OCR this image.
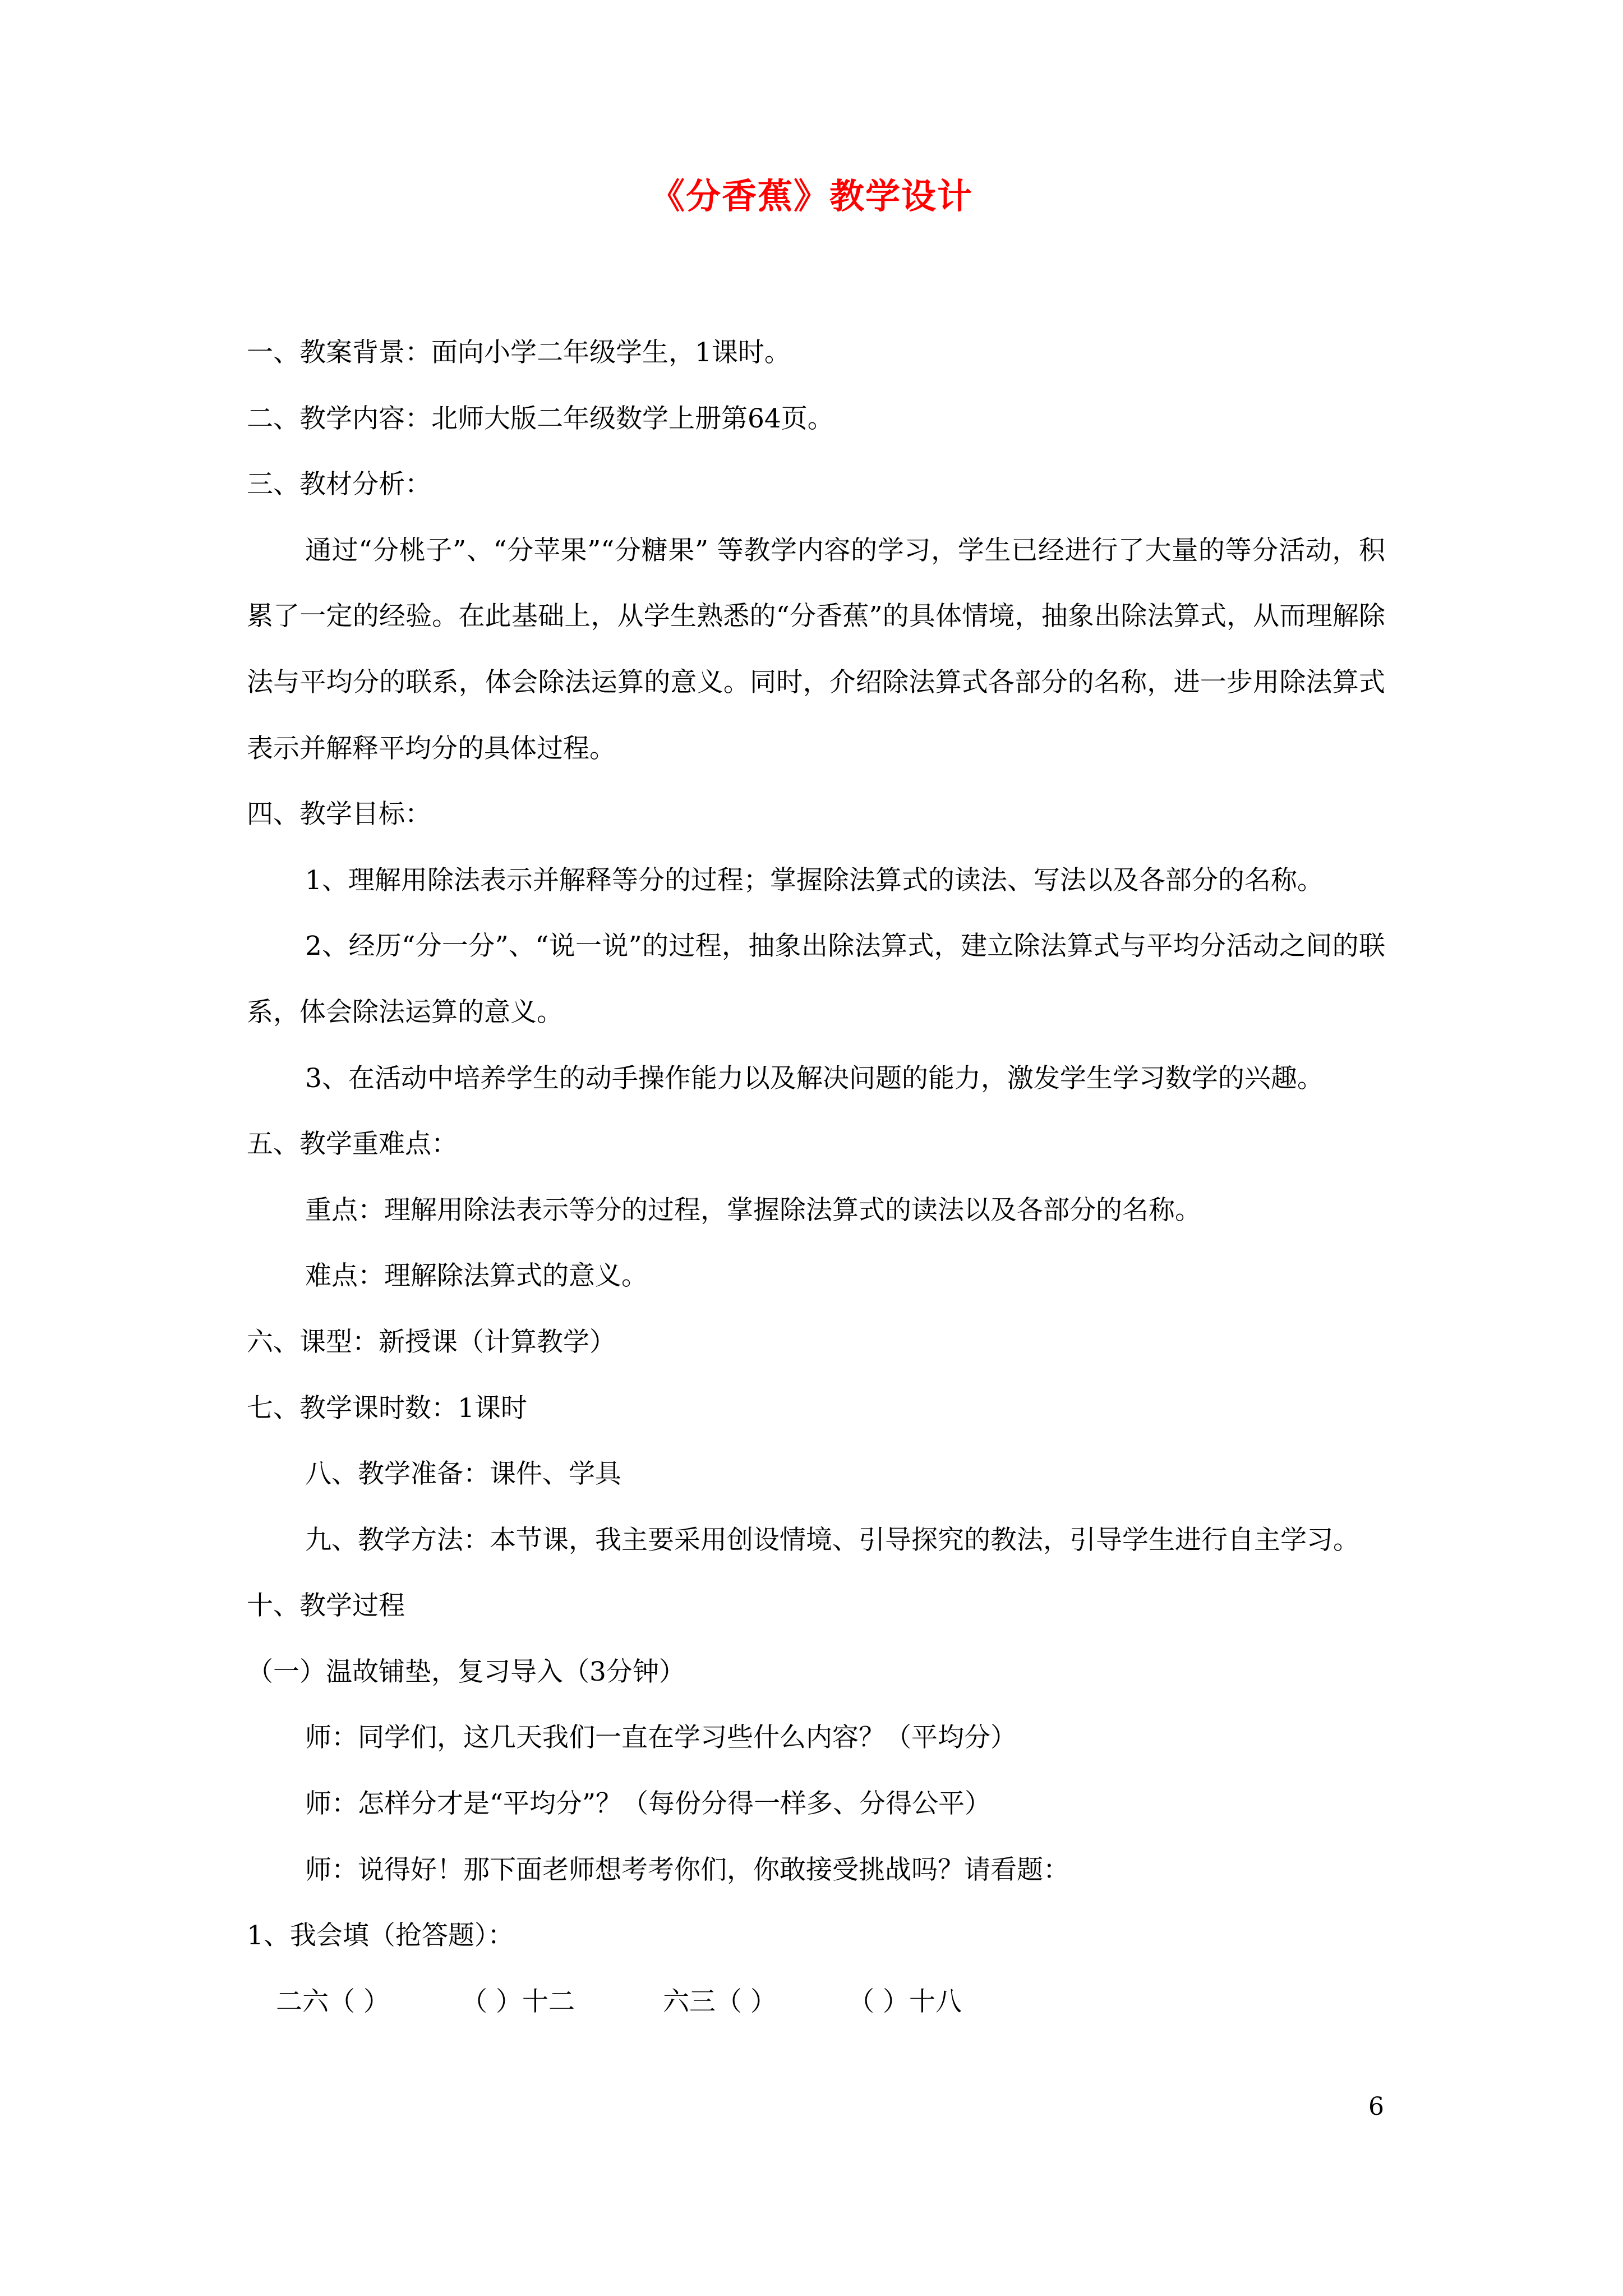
《分香蕉》教学设计

一、教案背景：面向小学二年级学生，1课时。

二、教学内容：北师大版二年级数学上册第64页。

三、教材分析：

通过“分桃子”、“分苹果”“分糖果” 等教学内容的学习，学生已经进行了大量的等分活动，积累了一定的经验。在此基础上，从学生熟悉的“分香蕉”的具体情境，抽象出除法算式，从而理解除法与平均分的联系，体会除法运算的意义。同时，介绍除法算式各部分的名称，进一步用除法算式表示并解释平均分的具体过程。

四、教学目标：

1、理解用除法表示并解释等分的过程；掌握除法算式的读法、写法以及各部分的名称。

2、经历“分一分”、“说一说”的过程，抽象出除法算式，建立除法算式与平均分活动之间的联系，体会除法运算的意义。

3、在活动中培养学生的动手操作能力以及解决问题的能力，激发学生学习数学的兴趣。

五、教学重难点：

重点：理解用除法表示等分的过程，掌握除法算式的读法以及各部分的名称。

难点：理解除法算式的意义。

六、课型：新授课（计算教学）

七、教学课时数：1课时

八、教学准备：课件、学具

九、教学方法：本节课，我主要采用创设情境、引导探究的教法，引导学生进行自主学习。

十、教学过程

（一）温故铺垫，复习导入（3分钟）

师：同学们，这几天我们一直在学习些什么内容？（平均分）

师：怎样分才是“平均分”？（每份分得一样多、分得公平）

师：说得好！那下面老师想考考你们，你敢接受挑战吗？请看题：

1、我会填（抢答题）：

二六（ ）	（ ）十二	六三（ ）	（ ）十八

6
